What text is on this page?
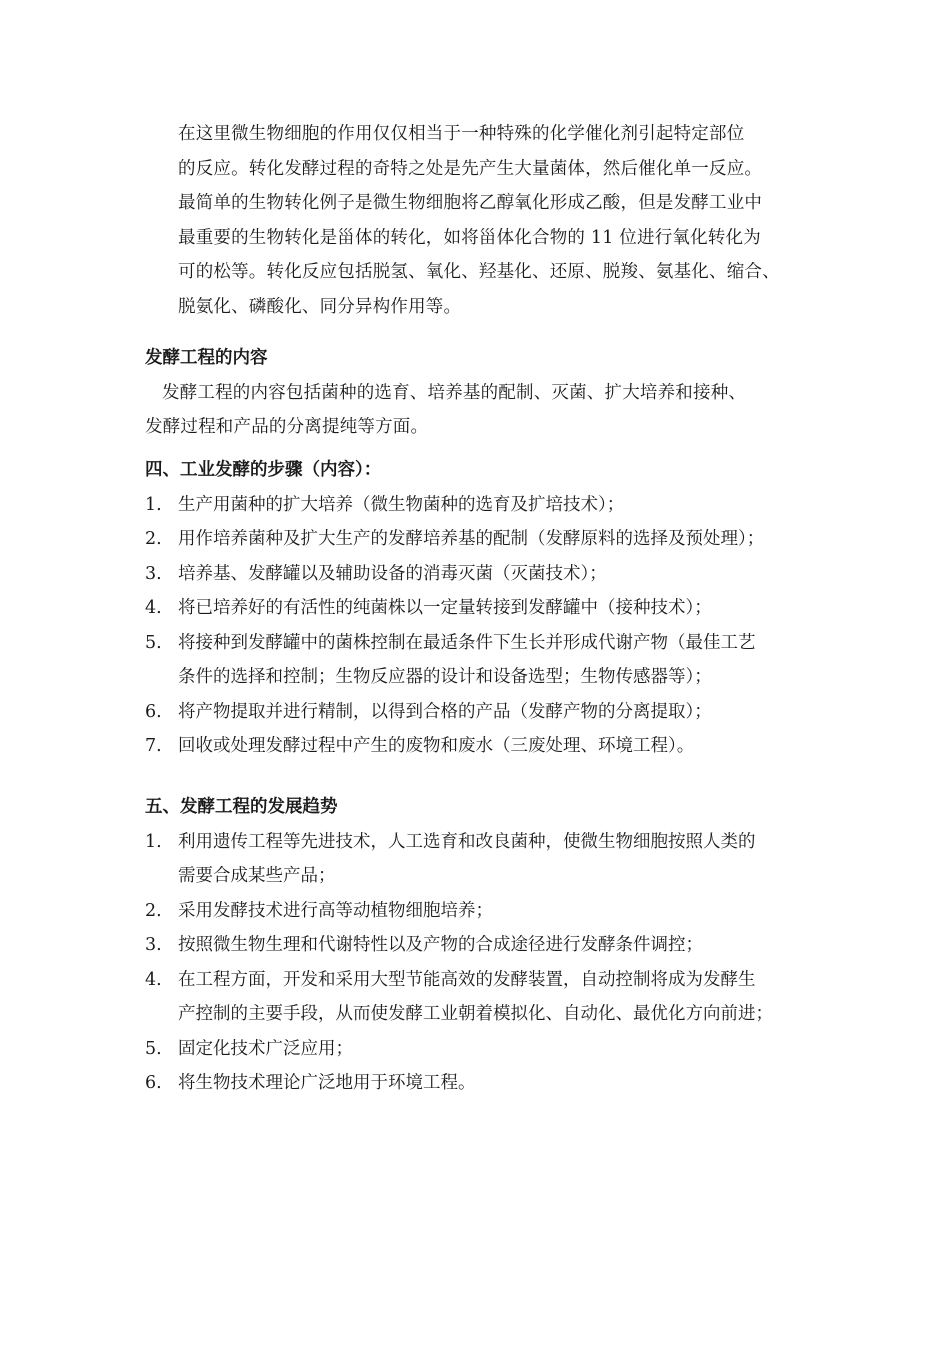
在这里微生物细胞的作用仅仅相当于一种特殊的化学催化剂引起特定部位
的反应。转化发酵过程的奇特之处是先产生大量菌体，然后催化单一反应。
最简单的生物转化例子是微生物细胞将乙醇氧化形成乙酸，但是发酵工业中
最重要的生物转化是甾体的转化，如将甾体化合物的 11 位进行氧化转化为
可的松等。转化反应包括脱氢、氧化、羟基化、还原、脱羧、氨基化、缩合、
脱氨化、磷酸化、同分异构作用等。
发酵工程的内容
发酵工程的内容包括菌种的选育、培养基的配制、灭菌、扩大培养和接种、
发酵过程和产品的分离提纯等方面。
四、工业发酵的步骤（内容）：
1. 生产用菌种的扩大培养（微生物菌种的选育及扩培技术）；
2. 用作培养菌种及扩大生产的发酵培养基的配制（发酵原料的选择及预处理）；
3. 培养基、发酵罐以及辅助设备的消毒灭菌（灭菌技术）；
4. 将已培养好的有活性的纯菌株以一定量转接到发酵罐中（接种技术）；
5. 将接种到发酵罐中的菌株控制在最适条件下生长并形成代谢产物（最佳工艺
条件的选择和控制；生物反应器的设计和设备选型；生物传感器等）；
6. 将产物提取并进行精制，以得到合格的产品（发酵产物的分离提取）；
7. 回收或处理发酵过程中产生的废物和废水（三废处理、环境工程）。
五、发酵工程的发展趋势
1. 利用遗传工程等先进技术，人工选育和改良菌种，使微生物细胞按照人类的
需要合成某些产品；
2. 采用发酵技术进行高等动植物细胞培养；
3. 按照微生物生理和代谢特性以及产物的合成途径进行发酵条件调控；
4. 在工程方面，开发和采用大型节能高效的发酵装置，自动控制将成为发酵生
产控制的主要手段，从而使发酵工业朝着模拟化、自动化、最优化方向前进；
5. 固定化技术广泛应用；
6. 将生物技术理论广泛地用于环境工程。
